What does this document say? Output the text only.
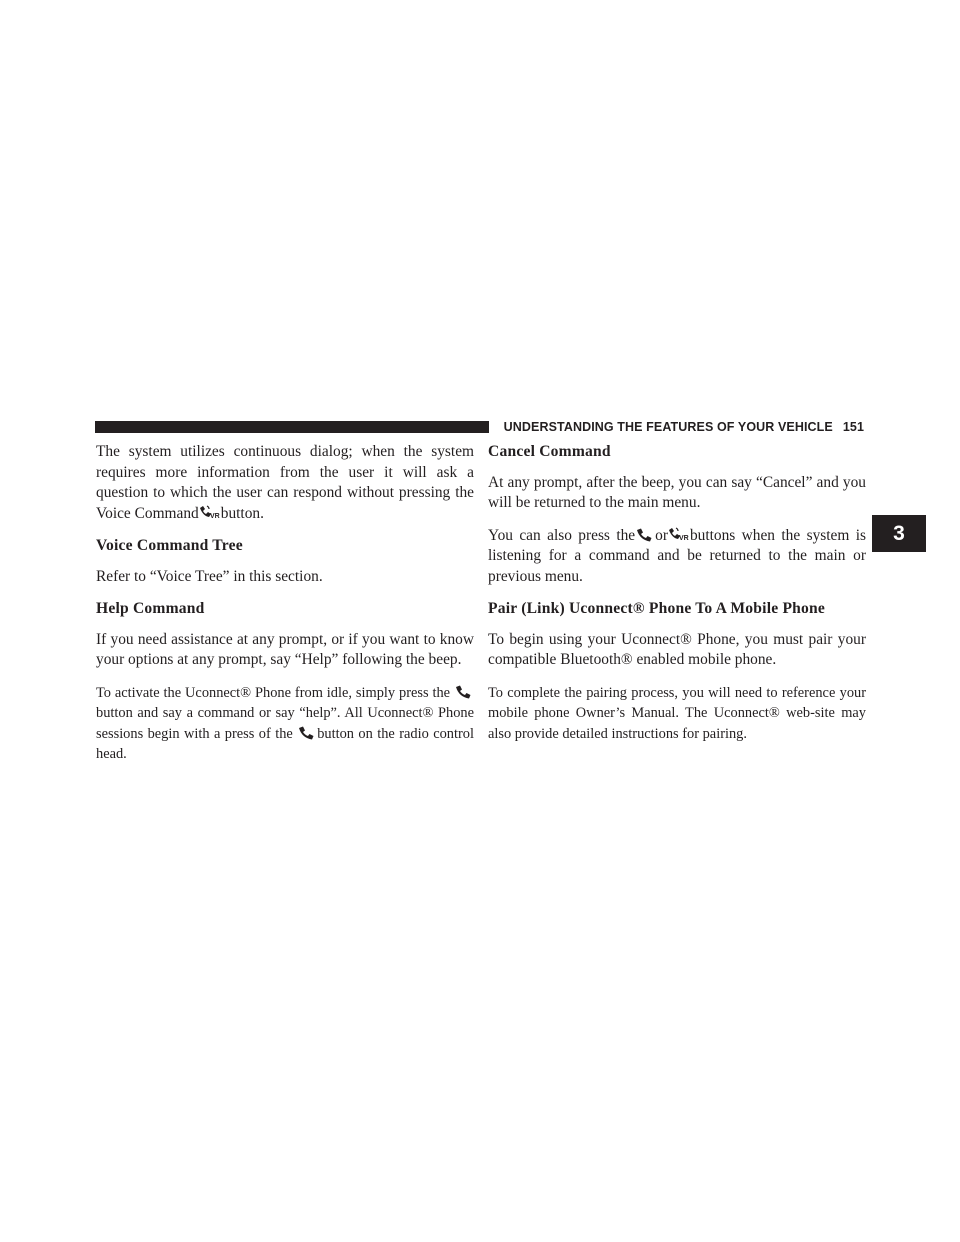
UNDERSTANDING THE FEATURES OF YOUR VEHICLE 151
3

The system utilizes continuous dialog; when the system requires more information from the user it will ask a question to which the user can respond without pressing the Voice Command VR button.

Voice Command Tree

Refer to “Voice Tree” in this section.

Help Command

If you need assistance at any prompt, or if you want to know your options at any prompt, say “Help” following the beep.

To activate the Uconnect® Phone from idle, simply press the
button and say a command or say “help”. All Uconnect® Phone sessions begin with a press of the button on the radio control head.

Cancel Command

At any prompt, after the beep, you can say “Cancel” and you will be returned to the main menu.

You can also press the or VR buttons when the system is listening for a command and be returned to the main or previous menu.

Pair (Link) Uconnect® Phone To A Mobile Phone

To begin using your Uconnect® Phone, you must pair your compatible Bluetooth® enabled mobile phone.

To complete the pairing process, you will need to reference your mobile phone Owner’s Manual. The Uconnect® web-site may also provide detailed instructions for pairing.
